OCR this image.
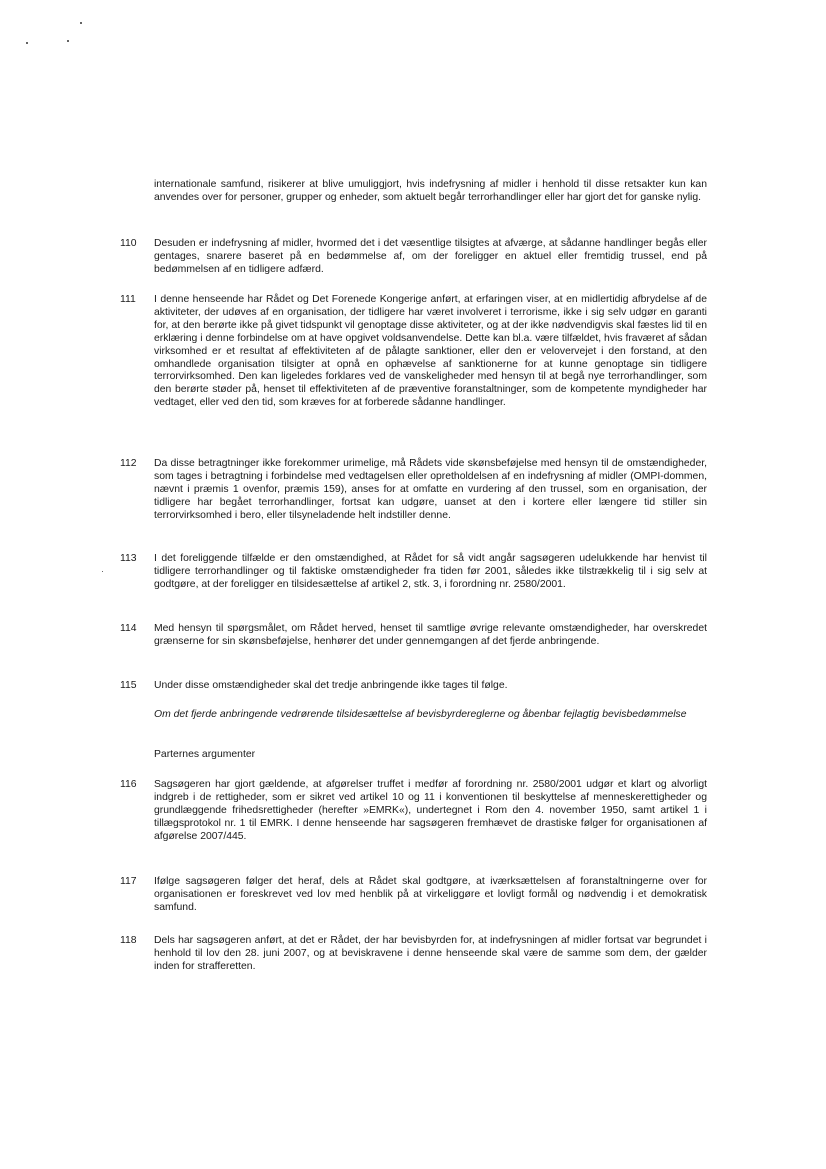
internationale samfund, risikerer at blive umuliggjort, hvis indefrysning af midler i henhold til disse retsakter kun kan anvendes over for personer, grupper og enheder, som aktuelt begår terrorhandlinger eller har gjort det for ganske nylig.
110 Desuden er indefrysning af midler, hvormed det i det væsentlige tilsigtes at afværge, at sådanne handlinger begås eller gentages, snarere baseret på en bedømmelse af, om der foreligger en aktuel eller fremtidig trussel, end på bedømmelsen af en tidligere adfærd.
111 I denne henseende har Rådet og Det Forenede Kongerige anført, at erfaringen viser, at en midlertidig afbrydelse af de aktiviteter, der udøves af en organisation, der tidligere har været involveret i terrorisme, ikke i sig selv udgør en garanti for, at den berørte ikke på givet tidspunkt vil genoptage disse aktiviteter, og at der ikke nødvendigvis skal fæstes lid til en erklæring i denne forbindelse om at have opgivet voldsanvendelse. Dette kan bl.a. være tilfældet, hvis fraværet af sådan virksomhed er et resultat af effektiviteten af de pålagte sanktioner, eller den er velovervejet i den forstand, at den omhandlede organisation tilsigter at opnå en ophævelse af sanktionerne for at kunne genoptage sin tidligere terrorvirksomhed. Den kan ligeledes forklares ved de vanskeligheder med hensyn til at begå nye terrorhandlinger, som den berørte støder på, henset til effektiviteten af de præventive foranstaltninger, som de kompetente myndigheder har vedtaget, eller ved den tid, som kræves for at forberede sådanne handlinger.
112 Da disse betragtninger ikke forekommer urimelige, må Rådets vide skønsbeføjelse med hensyn til de omstændigheder, som tages i betragtning i forbindelse med vedtagelsen eller opretholdelsen af en indefrysning af midler (OMPI-dommen, nævnt i præmis 1 ovenfor, præmis 159), anses for at omfatte en vurdering af den trussel, som en organisation, der tidligere har begået terrorhandlinger, fortsat kan udgøre, uanset at den i kortere eller længere tid stiller sin terrorvirksomhed i bero, eller tilsyneladende helt indstiller denne.
113 I det foreliggende tilfælde er den omstændighed, at Rådet for så vidt angår sagsøgeren udelukkende har henvist til tidligere terrorhandlinger og til faktiske omstændigheder fra tiden før 2001, således ikke tilstrækkelig til i sig selv at godtgøre, at der foreligger en tilsidesættelse af artikel 2, stk. 3, i forordning nr. 2580/2001.
114 Med hensyn til spørgsmålet, om Rådet herved, henset til samtlige øvrige relevante omstændigheder, har overskredet grænserne for sin skønsbeføjelse, henhører det under gennemgangen af det fjerde anbringende.
115 Under disse omstændigheder skal det tredje anbringende ikke tages til følge.
Om det fjerde anbringende vedrørende tilsidesættelse af bevisbyrdereglerne og åbenbar fejlagtig bevisbedømmelse
Parternes argumenter
116 Sagsøgeren har gjort gældende, at afgørelser truffet i medfør af forordning nr. 2580/2001 udgør et klart og alvorligt indgreb i de rettigheder, som er sikret ved artikel 10 og 11 i konventionen til beskyttelse af menneskerettigheder og grundlæggende frihedsrettigheder (herefter »EMRK«), undertegnet i Rom den 4. november 1950, samt artikel 1 i tillægsprotokol nr. 1 til EMRK. I denne henseende har sagsøgeren fremhævet de drastiske følger for organisationen af afgørelse 2007/445.
117 Ifølge sagsøgeren følger det heraf, dels at Rådet skal godtgøre, at iværksættelsen af foranstaltningerne over for organisationen er foreskrevet ved lov med henblik på at virkeliggøre et lovligt formål og nødvendig i et demokratisk samfund.
118 Dels har sagsøgeren anført, at det er Rådet, der har bevisbyrden for, at indefrysningen af midler fortsat var begrundet i henhold til lov den 28. juni 2007, og at beviskravene i denne henseende skal være de samme som dem, der gælder inden for strafferetten.
